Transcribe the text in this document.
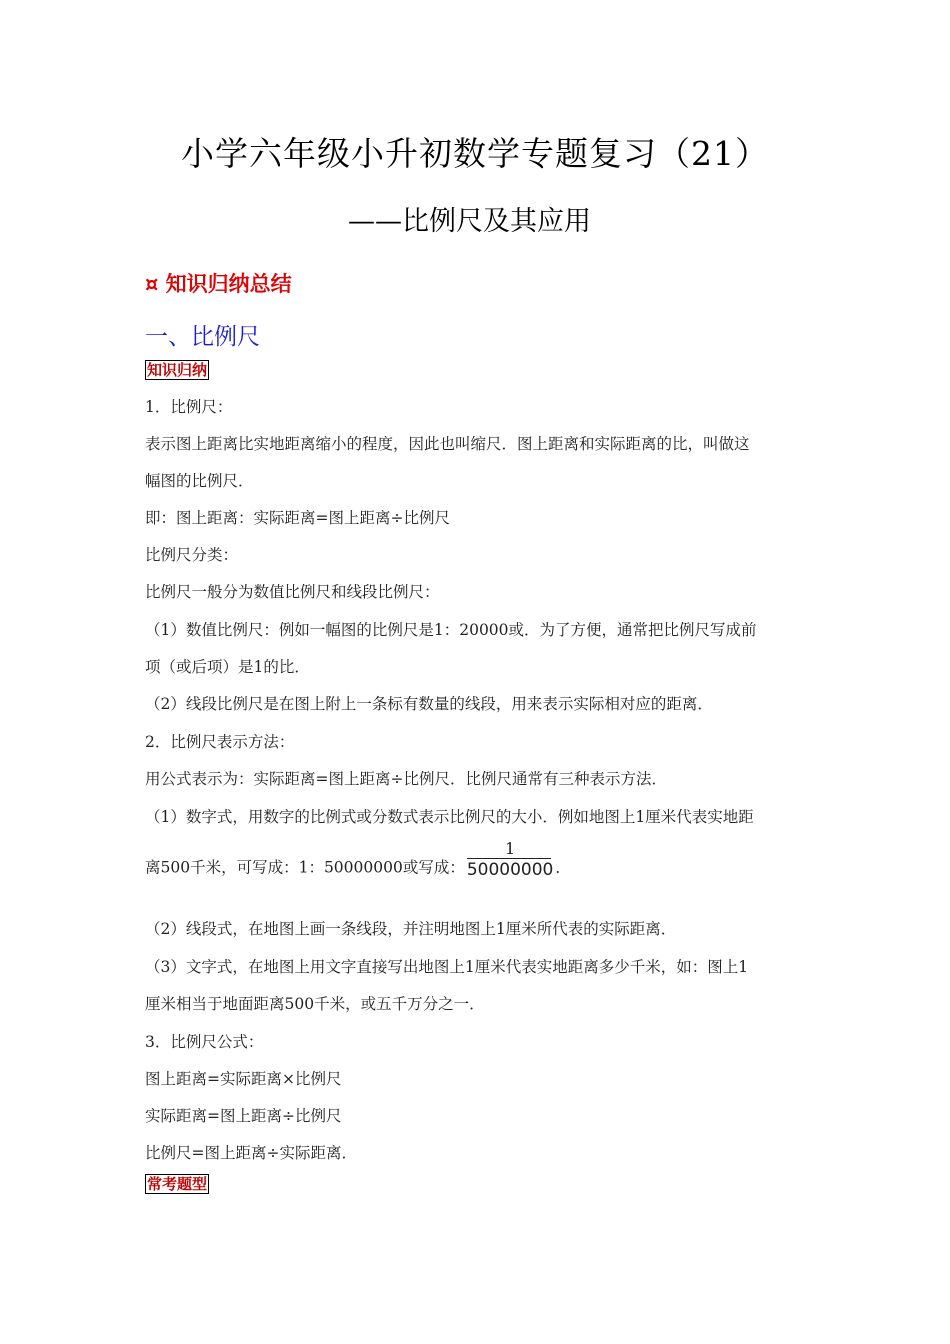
小学六年级小升初数学专题复习（21）
——比例尺及其应用
¤ 知识归纳总结
一、比例尺
知识归纳
1．比例尺：
表示图上距离比实地距离缩小的程度，因此也叫缩尺．图上距离和实际距离的比，叫做这
幅图的比例尺．
即：图上距离：实际距离=图上距离÷比例尺
比例尺分类：
比例尺一般分为数值比例尺和线段比例尺：
（1）数值比例尺：例如一幅图的比例尺是1：20000或．为了方便，通常把比例尺写成前
项（或后项）是1的比．
（2）线段比例尺是在图上附上一条标有数量的线段，用来表示实际相对应的距离．
2．比例尺表示方法：
用公式表示为：实际距离=图上距离÷比例尺．比例尺通常有三种表示方法．
（1）数字式，用数字的比例式或分数式表示比例尺的大小．例如地图上1厘米代表实地距
离500千米，可写成：1：50000000或写成： $\frac{1}{50000000}$ ．
（2）线段式，在地图上画一条线段，并注明地图上1厘米所代表的实际距离．
（3）文字式，在地图上用文字直接写出地图上1厘米代表实地距离多少千米，如：图上1
厘米相当于地面距离500千米，或五千万分之一．
3．比例尺公式：
图上距离=实际距离×比例尺
实际距离=图上距离÷比例尺
比例尺=图上距离÷实际距离．
常考题型
